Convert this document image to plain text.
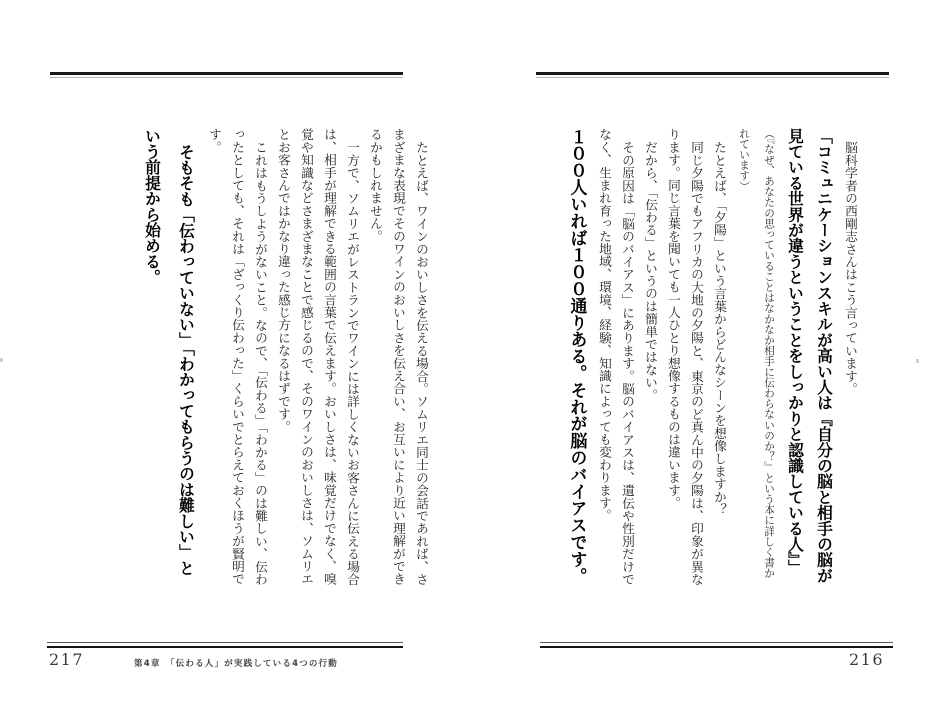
たとえば、ワインのおいしさを伝える場合。ソムリエ同士の会話であれば、さまざまな表現でそのワインのおいしさを伝え合い、お互いにより近い理解ができるかもしれません。

一方で、ソムリエがレストランでワインには詳しくないお客さんに伝える場合は、相手が理解できる範囲の言葉で伝えます。おいしさは、味覚だけでなく、嗅覚や知識などさまざまなことで感じるので、そのワインのおいしさは、ソムリエとお客さんではかなり違った感じ方になるはずです。

これはもうしようがないこと。なので、「伝わる」「わかる」のは難しい、伝わったとしても、それは「ざっくり伝わった」くらいでとらえておくほうが賢明です。

そもそも「伝わっていない」「わかってもらうのは難しい」という前提から始める。

217	第4章　「伝わる人」が実践している4つの行動

脳科学者の西剛志さんはこう言っています。

「コミュニケーションスキルが高い人は『自分の脳と相手の脳が見ている世界が違うということをしっかりと認識している人』」

（『なぜ、あなたの思っていることはなかなか相手に伝わらないのか？』という本に詳しく書かれています）

たとえば、「夕陽」という言葉からどんなシーンを想像しますか？

同じ夕陽でもアフリカの大地の夕陽と、東京のど真ん中の夕陽は、印象が異なります。同じ言葉を聞いても一人ひとり想像するものは違います。

だから、「伝わる」というのは簡単ではない。

その原因は「脳のバイアス」にあります。脳のバイアスは、遺伝や性別だけでなく、生まれ育った地域、環境、経験、知識によっても変わります。

１００人いれば１００通りある。それが脳のバイアスです。

216
